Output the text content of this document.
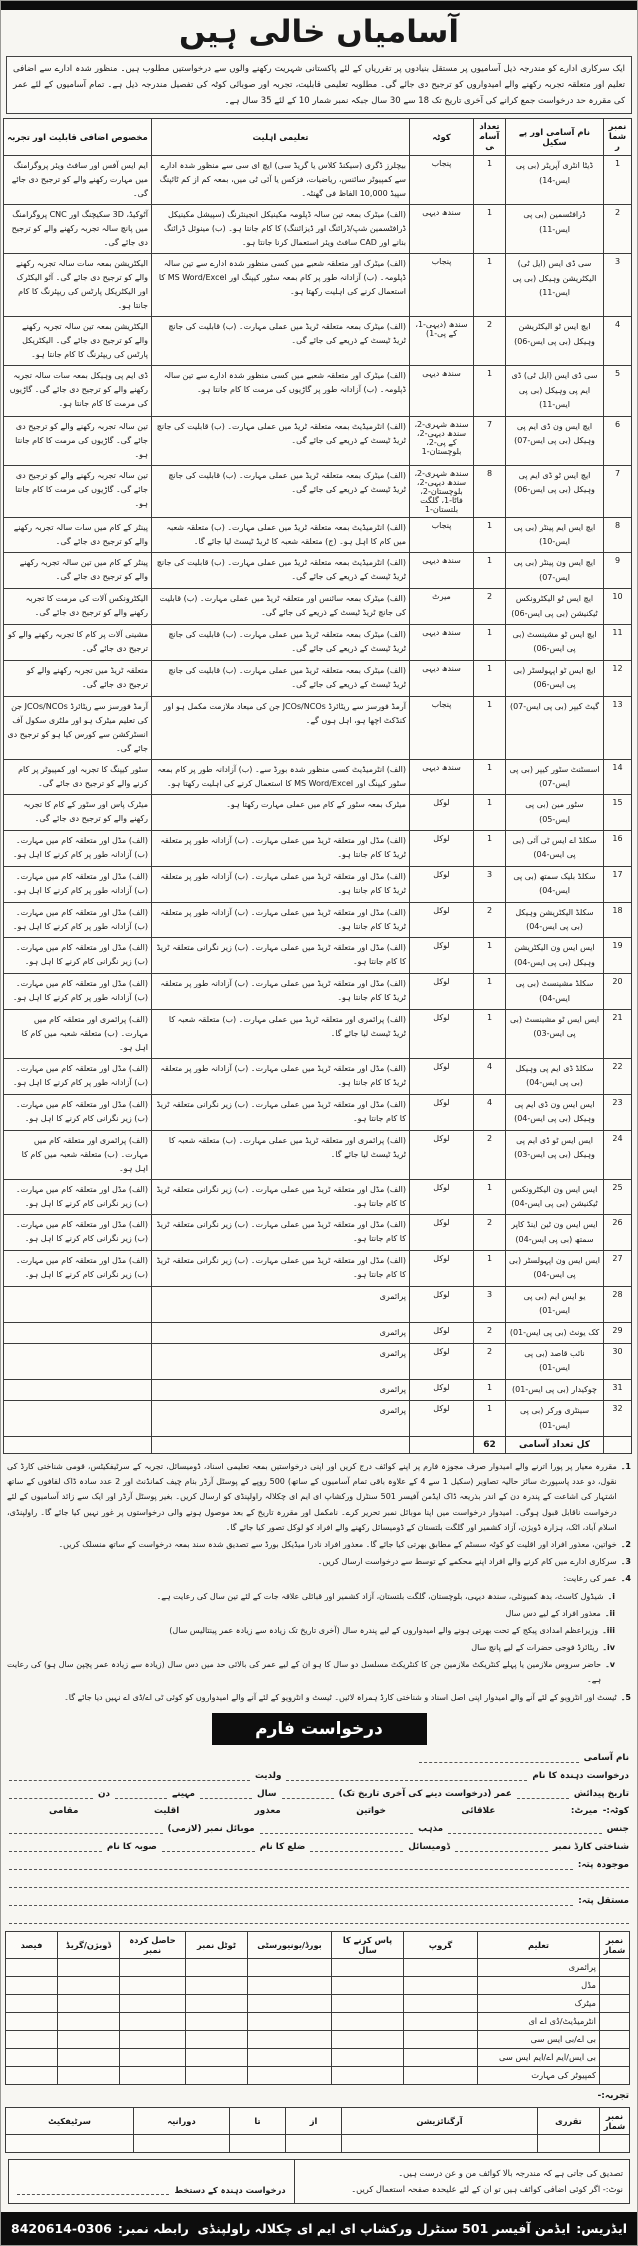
آسامیاں خالی ہیں
ایک سرکاری ادارے کو مندرجہ ذیل آسامیوں پر مستقل بنیادوں پر تقرریاں کے لئے پاکستانی شہریت رکھنے والوں سے درخواستیں مطلوب ہیں۔ منظور شدہ ادارے سے اضافی تعلیم اور متعلقہ تجربہ رکھنے والے امیدواروں کو ترجیح دی جائے گی۔ مطلوبہ تعلیمی قابلیت، تجربہ اور صوبائی کوٹہ کی تفصیل مندرجہ ذیل ہے۔ تمام آسامیوں کے لئے عمر کی مقررہ حد درخواست جمع کرانے کی آخری تاریخ تک 18 سے 30 سال جبکہ نمبر شمار 10 کے لئے 35 سال ہے۔
نمبر شمار	نام آسامی اور پے سکیل	تعداد آسامی	کوٹہ	تعلیمی اہلیت	مخصوص اضافی قابلیت اور تجربہ
1	ڈیٹا انٹری آپریٹر (بی پی ایس-14)	1	پنجاب	بیچلرز ڈگری (سیکنڈ کلاس یا گریڈ سی) ایچ ای سی سے منظور شدہ ادارے سے کمپیوٹر سائنس، ریاضیات، فزکس یا آئی ٹی میں، بمعہ کم از کم ٹائپنگ سپیڈ 10,000 الفاظ فی گھنٹہ۔	ایم ایس آفس اور سافٹ ویئر پروگرامنگ میں مہارت رکھنے والے کو ترجیح دی جائے گی۔
2	ڈرافٹسمین (بی پی ایس-11)	1	سندھ دیہی	(الف) میٹرک بمعہ تین سالہ ڈپلومہ مکینیکل انجینئرنگ (سپیشل مکینیکل ڈرافٹسمین شپ/ڈرائنگ اور ڈیزائننگ) کا کام جانتا ہو۔ (ب) مینوئل ڈرائنگ بنانے اور CAD سافٹ ویئر استعمال کرنا جانتا ہو۔	آٹوکیڈ، 3D سکیچنگ اور CNC پروگرامنگ میں پانچ سالہ تجربہ رکھنے والے کو ترجیح دی جائے گی۔
3	سی ڈی ایس (ایل ٹی) الیکٹریشن وہیکل (بی پی ایس-11)	1	پنجاب	(الف) میٹرک اور متعلقہ شعبے میں کسی منظور شدہ ادارے سے تین سالہ ڈپلومہ۔ (ب) آزادانہ طور پر کام بمعہ سٹور کیپنگ اور MS Word/Excel کا استعمال کرنے کی اہلیت رکھتا ہو۔	الیکٹریشن بمعہ سات سالہ تجربہ رکھنے والے کو ترجیح دی جائے گی۔ آٹو الیکٹرک اور الیکٹریکل پارٹس کی ریپئرنگ کا کام جانتا ہو۔
4	ایچ ایس ٹو الیکٹریشن وہیکل (بی پی ایس-06)	2	سندھ (دیہی-1، کے پی-1)	(الف) میٹرک بمعہ متعلقہ ٹریڈ میں عملی مہارت۔ (ب) قابلیت کی جانچ ٹریڈ ٹیسٹ کے ذریعے کی جائے گی۔	الیکٹریشن بمعہ تین سالہ تجربہ رکھنے والے کو ترجیح دی جائے گی۔ الیکٹریکل پارٹس کی ریپئرنگ کا کام جانتا ہو۔
5	سی ڈی ایس (ایل ٹی) ڈی ایم پی وہیکل (بی پی ایس-11)	1	سندھ دیہی	(الف) میٹرک اور متعلقہ شعبے میں کسی منظور شدہ ادارے سے تین سالہ ڈپلومہ۔ (ب) آزادانہ طور پر گاڑیوں کی مرمت کا کام جانتا ہو۔	ڈی ایم پی وہیکل بمعہ سات سالہ تجربہ رکھنے والے کو ترجیح دی جائے گی۔ گاڑیوں کی مرمت کا کام جانتا ہو۔
6	ایچ ایس ون ڈی ایم پی وہیکل (بی پی ایس-07)	7	سندھ شہری-2، سندھ دیہی-2، کے پی-2، بلوچستان-1	(الف) انٹرمیڈیٹ بمعہ متعلقہ ٹریڈ میں عملی مہارت۔ (ب) قابلیت کی جانچ ٹریڈ ٹیسٹ کے ذریعے کی جائے گی۔	تین سالہ تجربہ رکھنے والے کو ترجیح دی جائے گی۔ گاڑیوں کی مرمت کا کام جانتا ہو۔
7	ایچ ایس ٹو ڈی ایم پی وہیکل (بی پی ایس-06)	8	سندھ شہری-2، سندھ دیہی-2، بلوچستان-2، فاٹا-1، گلگت بلتستان-1	(الف) میٹرک بمعہ متعلقہ ٹریڈ میں عملی مہارت۔ (ب) قابلیت کی جانچ ٹریڈ ٹیسٹ کے ذریعے کی جائے گی۔	تین سالہ تجربہ رکھنے والے کو ترجیح دی جائے گی۔ گاڑیوں کی مرمت کا کام جانتا ہو۔
8	ایچ ایس ایم پینٹر (بی پی ایس-10)	1	پنجاب	(الف) انٹرمیڈیٹ بمعہ متعلقہ ٹریڈ میں عملی مہارت۔ (ب) متعلقہ شعبہ میں کام کا اہل ہو۔ (ج) متعلقہ شعبہ کا ٹریڈ ٹیسٹ لیا جائے گا۔	پینٹر کے کام میں سات سالہ تجربہ رکھنے والے کو ترجیح دی جائے گی۔
9	ایچ ایس ون پینٹر (بی پی ایس-07)	1	سندھ دیہی	(الف) انٹرمیڈیٹ بمعہ متعلقہ ٹریڈ میں عملی مہارت۔ (ب) قابلیت کی جانچ ٹریڈ ٹیسٹ کے ذریعے کی جائے گی۔	پینٹر کے کام میں تین سالہ تجربہ رکھنے والے کو ترجیح دی جائے گی۔
10	ایچ ایس ٹو الیکٹرونکس ٹیکنیشن (بی پی ایس-06)	2	میرٹ	(الف) میٹرک بمعہ سائنس اور متعلقہ ٹریڈ میں عملی مہارت۔ (ب) قابلیت کی جانچ ٹریڈ ٹیسٹ کے ذریعے کی جائے گی۔	الیکٹرونکس آلات کی مرمت کا تجربہ رکھنے والے کو ترجیح دی جائے گی۔
11	ایچ ایس ٹو مشینسٹ (بی پی ایس-06)	1	سندھ دیہی	(الف) میٹرک بمعہ متعلقہ ٹریڈ میں عملی مہارت۔ (ب) قابلیت کی جانچ ٹریڈ ٹیسٹ کے ذریعے کی جائے گی۔	مشینی آلات پر کام کا تجربہ رکھنے والے کو ترجیح دی جائے گی۔
12	ایچ ایس ٹو اپہولسٹر (بی پی ایس-06)	1	سندھ دیہی	(الف) میٹرک بمعہ متعلقہ ٹریڈ میں عملی مہارت۔ (ب) قابلیت کی جانچ ٹریڈ ٹیسٹ کے ذریعے کی جائے گی۔	متعلقہ ٹریڈ میں تجربہ رکھنے والے کو ترجیح دی جائے گی۔
13	گیٹ کیپر (بی پی ایس-07)	1	پنجاب	آرمڈ فورسز سے ریٹائرڈ JCOs/NCOs جن کی میعاد ملازمت مکمل ہو اور کنڈکٹ اچھا ہو، اہل ہوں گے۔	آرمڈ فورسز سے ریٹائرڈ JCOs/NCOs جن کی تعلیم میٹرک ہو اور ملٹری سکول آف انسٹرکشن سے کورس کیا ہو کو ترجیح دی جائے گی۔
14	اسسٹنٹ سٹور کیپر (بی پی ایس-07)	1	سندھ دیہی	(الف) انٹرمیڈیٹ کسی منظور شدہ بورڈ سے۔ (ب) آزادانہ طور پر کام بمعہ سٹور کیپنگ اور MS Word/Excel کا استعمال کرنے کی اہلیت رکھتا ہو۔	سٹور کیپنگ کا تجربہ اور کمپیوٹر پر کام کرنے والے کو ترجیح دی جائے گی۔
15	سٹور مین (بی پی ایس-05)	1	لوکل	میٹرک بمعہ سٹور کے کام میں عملی مہارت رکھتا ہو۔	میٹرک پاس اور سٹور کے کام کا تجربہ رکھنے والے کو ترجیح دی جائے گی۔
16	سکلڈ اے ایس ٹی آئی (بی پی ایس-04)	1	لوکل	(الف) مڈل اور متعلقہ ٹریڈ میں عملی مہارت۔ (ب) آزادانہ طور پر متعلقہ ٹریڈ کا کام جانتا ہو۔	(الف) مڈل اور متعلقہ کام میں مہارت۔ (ب) آزادانہ طور پر کام کرنے کا اہل ہو۔
17	سکلڈ بلیک سمتھ (بی پی ایس-04)	3	لوکل	(الف) مڈل اور متعلقہ ٹریڈ میں عملی مہارت۔ (ب) آزادانہ طور پر متعلقہ ٹریڈ کا کام جانتا ہو۔	(الف) مڈل اور متعلقہ کام میں مہارت۔ (ب) آزادانہ طور پر کام کرنے کا اہل ہو۔
18	سکلڈ الیکٹریشن وہیکل (بی پی ایس-04)	2	لوکل	(الف) مڈل اور متعلقہ ٹریڈ میں عملی مہارت۔ (ب) آزادانہ طور پر متعلقہ ٹریڈ کا کام جانتا ہو۔	(الف) مڈل اور متعلقہ کام میں مہارت۔ (ب) آزادانہ طور پر کام کرنے کا اہل ہو۔
19	ایس ایس ون الیکٹریشن وہیکل (بی پی ایس-04)	1	لوکل	(الف) مڈل اور متعلقہ ٹریڈ میں عملی مہارت۔ (ب) زیر نگرانی متعلقہ ٹریڈ کا کام جانتا ہو۔	(الف) مڈل اور متعلقہ کام میں مہارت۔ (ب) زیر نگرانی کام کرنے کا اہل ہو۔
20	سکلڈ مشینسٹ (بی پی ایس-04)	1	لوکل	(الف) مڈل اور متعلقہ ٹریڈ میں عملی مہارت۔ (ب) آزادانہ طور پر متعلقہ ٹریڈ کا کام جانتا ہو۔	(الف) مڈل اور متعلقہ کام میں مہارت۔ (ب) آزادانہ طور پر کام کرنے کا اہل ہو۔
21	ایس ایس ٹو مشینسٹ (بی پی ایس-03)	1	لوکل	(الف) پرائمری اور متعلقہ ٹریڈ میں عملی مہارت۔ (ب) متعلقہ شعبہ کا ٹریڈ ٹیسٹ لیا جائے گا۔	(الف) پرائمری اور متعلقہ کام میں مہارت۔ (ب) متعلقہ شعبہ میں کام کا اہل ہو۔
22	سکلڈ ڈی ایم پی وہیکل (بی پی ایس-04)	4	لوکل	(الف) مڈل اور متعلقہ ٹریڈ میں عملی مہارت۔ (ب) آزادانہ طور پر متعلقہ ٹریڈ کا کام جانتا ہو۔	(الف) مڈل اور متعلقہ کام میں مہارت۔ (ب) آزادانہ طور پر کام کرنے کا اہل ہو۔
23	ایس ایس ون ڈی ایم پی وہیکل (بی پی ایس-04)	4	لوکل	(الف) مڈل اور متعلقہ ٹریڈ میں عملی مہارت۔ (ب) زیر نگرانی متعلقہ ٹریڈ کا کام جانتا ہو۔	(الف) مڈل اور متعلقہ کام میں مہارت۔ (ب) زیر نگرانی کام کرنے کا اہل ہو۔
24	ایس ایس ٹو ڈی ایم پی وہیکل (بی پی ایس-03)	2	لوکل	(الف) پرائمری اور متعلقہ ٹریڈ میں عملی مہارت۔ (ب) متعلقہ شعبہ کا ٹریڈ ٹیسٹ لیا جائے گا۔	(الف) پرائمری اور متعلقہ کام میں مہارت۔ (ب) متعلقہ شعبہ میں کام کا اہل ہو۔
25	ایس ایس ون الیکٹرونکس ٹیکنیشن (بی پی ایس-04)	1	لوکل	(الف) مڈل اور متعلقہ ٹریڈ میں عملی مہارت۔ (ب) زیر نگرانی متعلقہ ٹریڈ کا کام جانتا ہو۔	(الف) مڈل اور متعلقہ کام میں مہارت۔ (ب) زیر نگرانی کام کرنے کا اہل ہو۔
26	ایس ایس ون ٹین اینڈ کاپر سمتھ (بی پی ایس-04)	2	لوکل	(الف) مڈل اور متعلقہ ٹریڈ میں عملی مہارت۔ (ب) زیر نگرانی متعلقہ ٹریڈ کا کام جانتا ہو۔	(الف) مڈل اور متعلقہ کام میں مہارت۔ (ب) زیر نگرانی کام کرنے کا اہل ہو۔
27	ایس ایس ون اپہولسٹر (بی پی ایس-04)	1	لوکل	(الف) مڈل اور متعلقہ ٹریڈ میں عملی مہارت۔ (ب) زیر نگرانی متعلقہ ٹریڈ کا کام جانتا ہو۔	(الف) مڈل اور متعلقہ کام میں مہارت۔ (ب) زیر نگرانی کام کرنے کا اہل ہو۔
28	یو ایس ایم (بی پی ایس-01)	3	لوکل	پرائمری	
29	کک یونٹ (بی پی ایس-01)	2	لوکل	پرائمری	
30	نائب قاصد (بی پی ایس-01)	2	لوکل	پرائمری	
31	چوکیدار (بی پی ایس-01)	1	لوکل	پرائمری	
32	سینٹری ورکر (بی پی ایس-01)	1	لوکل	پرائمری	
	کل تعداد آسامی	62			
1۔
مقررہ معیار پر پورا اترنے والے امیدوار صرف مجوزہ فارم پر اپنے کوائف درج کریں اور اپنی درخواستیں بمعہ تعلیمی اسناد، ڈومیسائل، تجربہ کے سرٹیفکیٹس، قومی شناختی کارڈ کی نقول، دو عدد پاسپورٹ سائز حالیہ تصاویر (سکیل 1 سے 4 کے علاوہ باقی تمام آسامیوں کے ساتھ) 500 روپے کے پوسٹل آرڈر بنام چیف کمانڈنٹ اور 2 عدد سادہ ڈاک لفافوں کے ساتھ اشتہار کی اشاعت کے پندرہ دن کے اندر بذریعہ ڈاک ایڈمن آفیسر 501 سنٹرل ورکشاپ ای ایم ای چکلالہ راولپنڈی کو ارسال کریں۔ بغیر پوسٹل آرڈر اور ایک سے زائد آسامیوں کے لئے درخواست ناقابل قبول ہوگی۔ امیدوار درخواست میں اپنا موبائل نمبر تحریر کرے۔ نامکمل اور مقررہ تاریخ کے بعد موصول ہونے والی درخواستوں پر غور نہیں کیا جائے گا۔ راولپنڈی، اسلام آباد، اٹک، ہزارہ ڈویژن، آزاد کشمیر اور گلگت بلتستان کے ڈومیسائل رکھنے والے افراد کو لوکل تصور کیا جائے گا۔
2۔
خواتین، معذور افراد اور اقلیت کو کوٹہ سسٹم کے مطابق بھرتی کیا جائے گا۔ معذور افراد نادرا میڈیکل بورڈ سے تصدیق شدہ سند بمعہ درخواست کے ساتھ منسلک کریں۔
3۔
سرکاری ادارے میں کام کرنے والے افراد اپنے محکمے کے توسط سے درخواست ارسال کریں۔
4۔
عمر کی رعایت:
i۔
شیڈول کاسٹ، بدھ کمیونٹی، سندھ دیہی، بلوچستان، گلگت بلتستان، آزاد کشمیر اور قبائلی علاقہ جات کے لئے تین سال کی رعایت ہے۔
ii۔
معذور افراد کے لیے دس سال
iii۔
وزیراعظم امدادی پیکج کے تحت بھرتی ہونے والے امیدواروں کے لیے پندرہ سال (آخری تاریخ تک زیادہ سے زیادہ عمر پینتالیس سال)
iv۔
ریٹائرڈ فوجی حضرات کے لیے پانچ سال
v۔
حاضر سروس ملازمین یا پہلے کنٹریکٹ ملازمین جن کا کنٹریکٹ مسلسل دو سال کا ہو ان کے لیے عمر کی بالائی حد میں دس سال (زیادہ سے زیادہ عمر پچپن سال ہو) کی رعایت ہے۔
5۔
ٹیسٹ اور انٹرویو کے لئے آنے والے امیدوار اپنی اصل اسناد و شناختی کارڈ ہمراہ لائیں۔ ٹیسٹ و انٹرویو کے لئے آنے والے امیدواروں کو کوئی ٹی اے/ڈی اے نہیں دیا جائے گا۔
درخواست فارم
نام آسامی
درخواست دہندہ کا نام
ولدیت
تاریخ پیدائش
عمر (درخواست دینے کی آخری تاریخ تک)
سال
مہینے
دن
کوٹہ:-
میرٹ:
علاقائی
خواتین
معذور
اقلیت
مقامی
جنس
مذہب
موبائل نمبر (لازمی)
شناختی کارڈ نمبر
ڈومیسائل
ضلع کا نام
صوبہ کا نام
موجودہ پتہ:
مستقل پتہ:
نمبر شمار	تعلیم	گروپ	پاس کرنے کا سال	بورڈ/یونیورسٹی	ٹوٹل نمبر	حاصل کردہ نمبر	ڈویژن/گریڈ	فیصد
	پرائمری							
	مڈل							
	میٹرک							
	انٹرمیڈیٹ/ڈی اے ای							
	بی اے/بی ایس سی							
	بی ایس/ایم اے/ایم ایس سی							
	کمپیوٹر کی مہارت							
تجربہ:-
نمبر شمار	تقرری	آرگنائزیشن	از	تا	دورانیہ	سرٹیفکیٹ

تصدیق کی جاتی ہے کہ مندرجہ بالا کوائف من و عن درست ہیں۔
نوٹ:- اگر کوئی اضافی کوائف ہیں تو ان کے لئے علیحدہ صفحہ استعمال کریں۔
درخواست دہندہ کے دستخط
ایڈریس:
ایڈمن آفیسر 501 سنٹرل ورکشاپ ای ایم ای چکلالہ راولپنڈی
رابطہ نمبر:
8420614-0306
